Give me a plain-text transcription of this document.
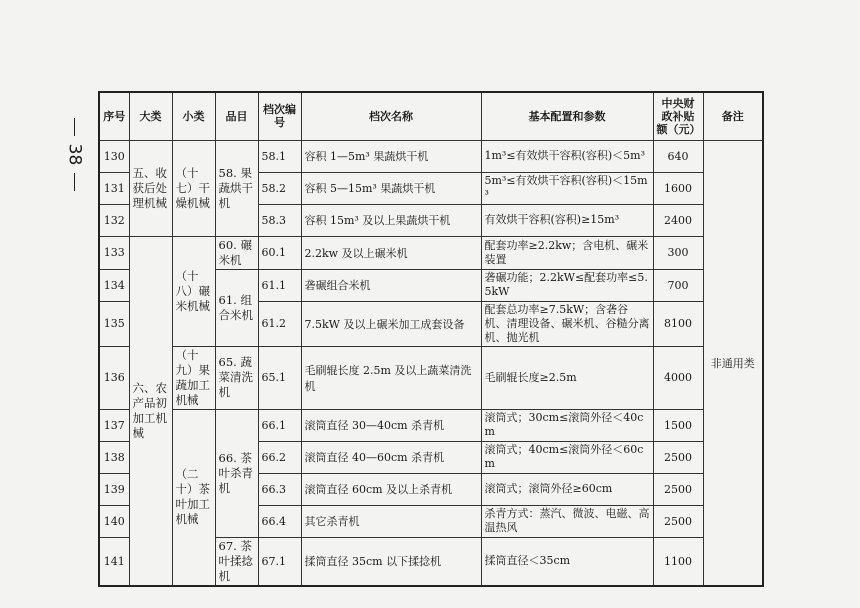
38
序号	大类	小类	品目	档次编号	档次名称	基本配置和参数	中央财政补贴额（元）	备注
130	五、收获后处理机械	（十七）干燥机械	58. 果蔬烘干机	58.1	容积 1—5m³ 果蔬烘干机	1m³≤有效烘干容积(容积)＜5m³	640	非通用类
131				58.2	容积 5—15m³ 果蔬烘干机	5m³≤有效烘干容积(容积)＜15m³	1600	
132				58.3	容积 15m³ 及以上果蔬烘干机	有效烘干容积(容积)≥15m³	2400	
133	六、农产品初加工机械	（十八）碾米机械	60. 碾米机	60.1	2.2kw 及以上碾米机	配套功率≥2.2kw；含电机、碾米装置	300	
134			61. 组合米机	61.1	砻碾组合米机	砻碾功能；2.2kW≤配套功率≤5.5kW	700	
135				61.2	7.5kW 及以上碾米加工成套设备	配套总功率≥7.5kW；含砻谷机、清理设备、碾米机、谷糙分离机、抛光机	8100	
136		（十九）果蔬加工机械	65. 蔬菜清洗机	65.1	毛刷辊长度 2.5m 及以上蔬菜清洗机	毛刷辊长度≥2.5m	4000	
137		（二十）茶叶加工机械	66. 茶叶杀青机	66.1	滚筒直径 30—40cm 杀青机	滚筒式；30cm≤滚筒外径＜40cm	1500	
138				66.2	滚筒直径 40—60cm 杀青机	滚筒式；40cm≤滚筒外径＜60cm	2500	
139				66.3	滚筒直径 60cm 及以上杀青机	滚筒式；滚筒外径≥60cm	2500	
140				66.4	其它杀青机	杀青方式：蒸汽、微波、电磁、高温热风	2500	
141			67. 茶叶揉捻机	67.1	揉筒直径 35cm 以下揉捻机	揉筒直径＜35cm	1100	
